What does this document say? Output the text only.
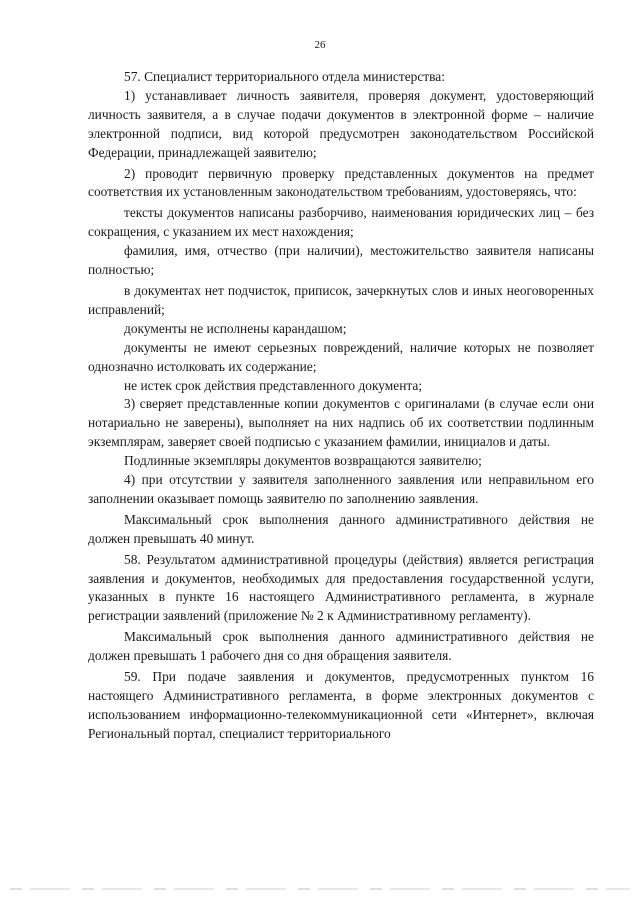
26

57. Специалист территориального отдела министерства:

1) устанавливает личность заявителя, проверяя документ, удостоверяющий личность заявителя, а в случае подачи документов в электронной форме – наличие электронной подписи, вид которой предусмотрен законодательством Российской Федерации, принадлежащей заявителю;

2) проводит первичную проверку представленных документов на предмет соответствия их установленным законодательством требованиям, удостоверяясь, что:

тексты документов написаны разборчиво, наименования юридических лиц – без сокращения, с указанием их мест нахождения;

фамилия, имя, отчество (при наличии), местожительство заявителя написаны полностью;

в документах нет подчисток, приписок, зачеркнутых слов и иных неоговоренных исправлений;

документы не исполнены карандашом;

документы не имеют серьезных повреждений, наличие которых не позволяет однозначно истолковать их содержание;

не истек срок действия представленного документа;

3) сверяет представленные копии документов с оригиналами (в случае если они нотариально не заверены), выполняет на них надпись об их соответствии подлинным экземплярам, заверяет своей подписью с указанием фамилии, инициалов и даты.

Подлинные экземпляры документов возвращаются заявителю;

4) при отсутствии у заявителя заполненного заявления или неправильном его заполнении оказывает помощь заявителю по заполнению заявления.

Максимальный срок выполнения данного административного действия не должен превышать 40 минут.

58. Результатом административной процедуры (действия) является регистрация заявления и документов, необходимых для предоставления государственной услуги, указанных в пункте 16 настоящего Административного регламента, в журнале регистрации заявлений (приложение № 2 к Административному регламенту).

Максимальный срок выполнения данного административного действия не должен превышать 1 рабочего дня со дня обращения заявителя.

59. При подаче заявления и документов, предусмотренных пунктом 16 настоящего Административного регламента, в форме электронных документов с использованием информационно-телекоммуникационной сети «Интернет», включая Региональный портал, специалист территориального
